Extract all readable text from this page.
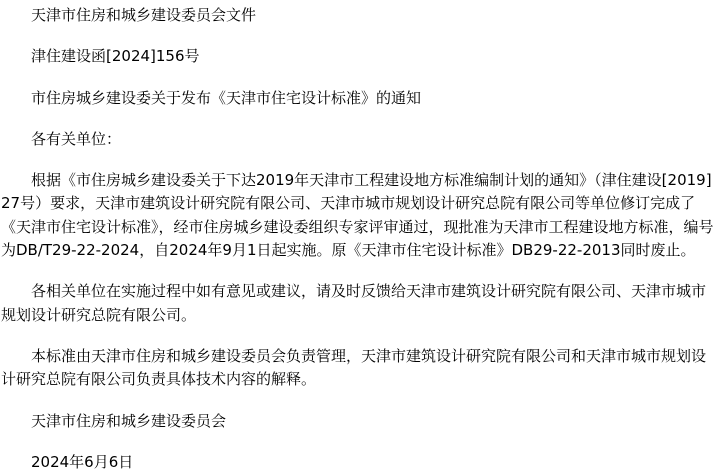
天津市住房和城乡建设委员会文件

津住建设函[2024]156号

市住房城乡建设委关于发布《天津市住宅设计标准》的通知

各有关单位：

根据《市住房城乡建设委关于下达2019年天津市工程建设地方标准编制计划的通知》（津住建设[2019]27号）要求，天津市建筑设计研究院有限公司、天津市城市规划设计研究总院有限公司等单位修订完成了《天津市住宅设计标准》，经市住房城乡建设委组织专家评审通过，现批准为天津市工程建设地方标准，编号为DB/T29-22-2024，自2024年9月1日起实施。原《天津市住宅设计标准》DB29-22-2013同时废止。

各相关单位在实施过程中如有意见或建议，请及时反馈给天津市建筑设计研究院有限公司、天津市城市规划设计研究总院有限公司。

本标准由天津市住房和城乡建设委员会负责管理，天津市建筑设计研究院有限公司和天津市城市规划设计研究总院有限公司负责具体技术内容的解释。

天津市住房和城乡建设委员会

2024年6月6日
